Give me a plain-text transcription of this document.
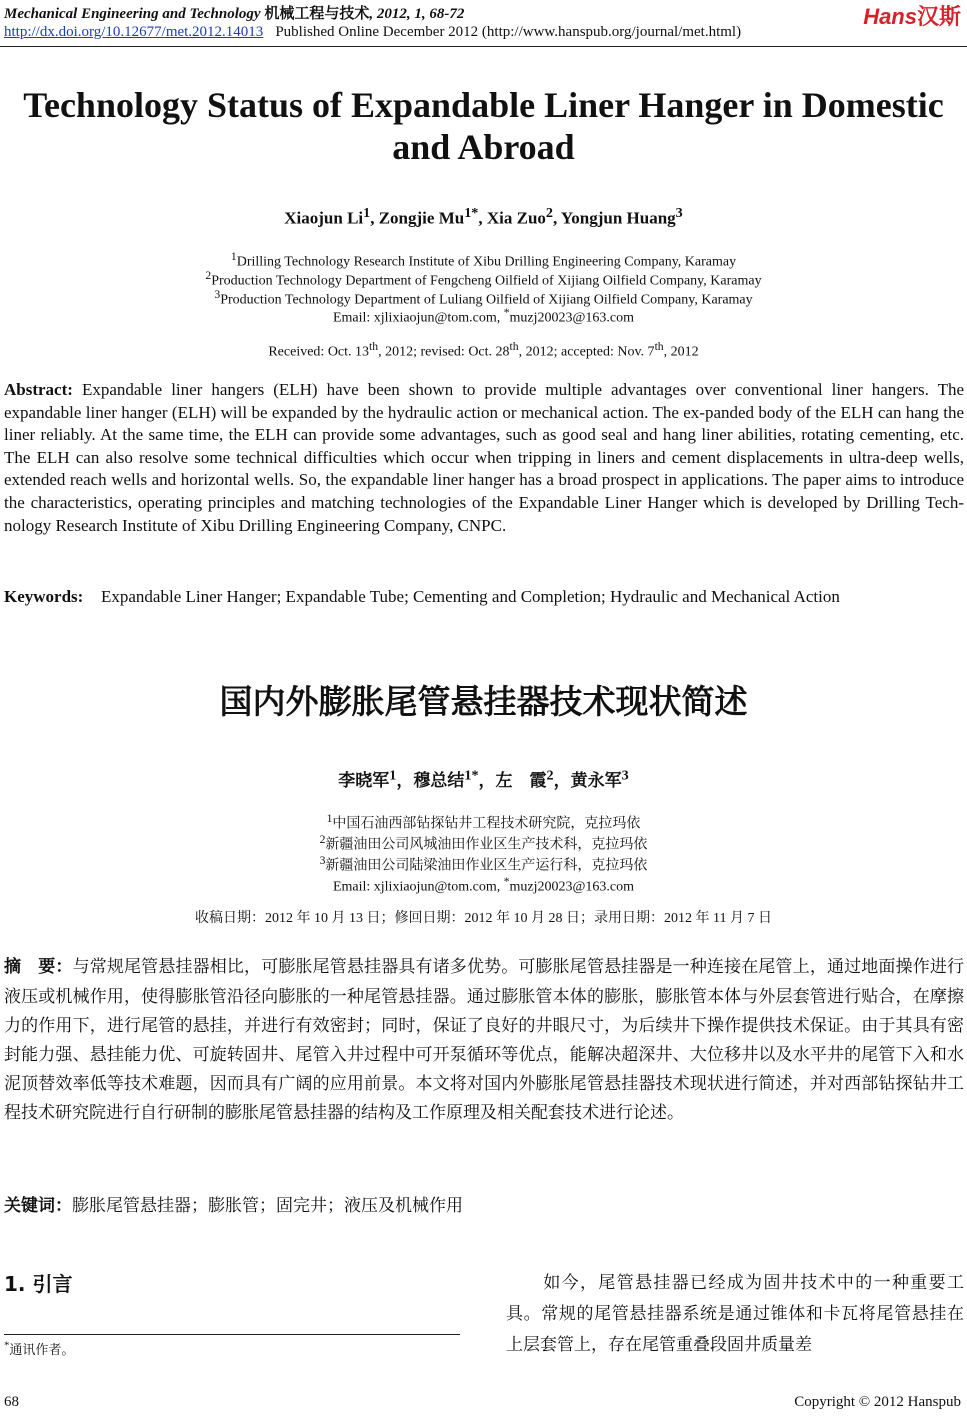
Mechanical Engineering and Technology 机械工程与技术, 2012, 1, 68-72	Hans汉斯
http://dx.doi.org/10.12677/met.2012.14013 Published Online December 2012 (http://www.hanspub.org/journal/met.html)
Technology Status of Expandable Liner Hanger in Domestic
and Abroad
Xiaojun Li$^1$, Zongjie $Mu^{1*}$, Xia Zuo$^2$, Yongjun Huang$^3$
$^1$Drilling Technology Research Institute of Xibu Drilling Engineering Company, Karamay
$^2$Production Technology Department of Fengcheng Oilfield of Xijiang Oilfield Company, Karamay
$^3$Production Technology Department of Luliang Oilfield of Xijiang Oilfield Company, Karamay
Email: xjlixiaojun@tom.com, *muzj20023@163.com
Received: Oct. 13th, 2012; revised: Oct. 28th, 2012; accepted: Nov. 7th, 2012
Abstract: Expandable liner hangers (ELH) have been shown to provide multiple advantages over conventional liner hangers. The expandable liner hanger (ELH) will be expanded by the hydraulic action or mechanical action. The ex-panded body of the ELH can hang the liner reliably. At the same time, the ELH can provide some advantages, such as good seal and hang liner abilities, rotating cementing, etc. The ELH can also resolve some technical difficulties which occur when tripping in liners and cement displacements in ultra-deep wells, extended reach wells and horizontal wells. So, the expandable liner hanger has a broad prospect in applications. The paper aims to introduce the characteristics, operating principles and matching technologies of the Expandable Liner Hanger which is developed by Drilling Tech-nology Research Institute of Xibu Drilling Engineering Company, CNPC.
Keywords:	Expandable Liner Hanger; Expandable Tube; Cementing and Completion; Hydraulic and Mechanical Action
国内外膨胀尾管悬挂器技术现状简述
李晓军$^1$，穆总结$^{1*}$，左　霞$^2$，黄永军$^3$
$^1$中国石油西部钻探钻井工程技术研究院，克拉玛依
$^2$新疆油田公司风城油田作业区生产技术科，克拉玛依
$^3$新疆油田公司陆梁油田作业区生产运行科，克拉玛依
Email: xjlixiaojun@tom.com, *muzj20023@163.com
收稿日期：2012 年 10 月 13 日；修回日期：2012 年 10 月 28 日；录用日期：2012 年 11 月 7 日
摘　要：与常规尾管悬挂器相比，可膨胀尾管悬挂器具有诸多优势。可膨胀尾管悬挂器是一种连接在尾管上，通过地面操作进行液压或机械作用，使得膨胀管沿径向膨胀的一种尾管悬挂器。通过膨胀管本体的膨胀，膨胀管本体与外层套管进行贴合，在摩擦力的作用下，进行尾管的悬挂，并进行有效密封；同时，保证了良好的井眼尺寸，为后续井下操作提供技术保证。由于其具有密封能力强、悬挂能力优、可旋转固井、尾管入井过程中可开泵循环等优点，能解决超深井、大位移井以及水平井的尾管下入和水泥顶替效率低等技术难题，因而具有广阔的应用前景。本文将对国内外膨胀尾管悬挂器技术现状进行简述，并对西部钻探钻井工程技术研究院进行自行研制的膨胀尾管悬挂器的结构及工作原理及相关配套技术进行论述。
关键词：膨胀尾管悬挂器；膨胀管；固完井；液压及机械作用
1. 引言
*通讯作者。
如今，尾管悬挂器已经成为固井技术中的一种重要工具。常规的尾管悬挂器系统是通过锥体和卡瓦将尾管悬挂在上层套管上，存在尾管重叠段固井质量差
68	Copyright © 2012 Hanspub
